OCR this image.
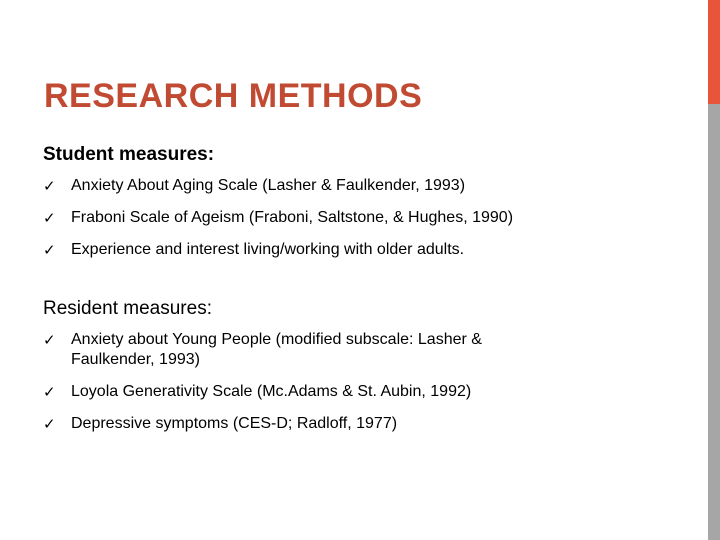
RESEARCH METHODS
Student measures:
✓ Anxiety About Aging Scale (Lasher & Faulkender, 1993)
✓ Fraboni Scale of Ageism (Fraboni, Saltstone, & Hughes, 1990)
✓ Experience and interest living/working with older adults.
Resident measures:
✓ Anxiety about Young People (modified subscale: Lasher & Faulkender, 1993)
✓ Loyola Generativity Scale (Mc.Adams & St. Aubin, 1992)
✓ Depressive symptoms (CES-D; Radloff, 1977)
